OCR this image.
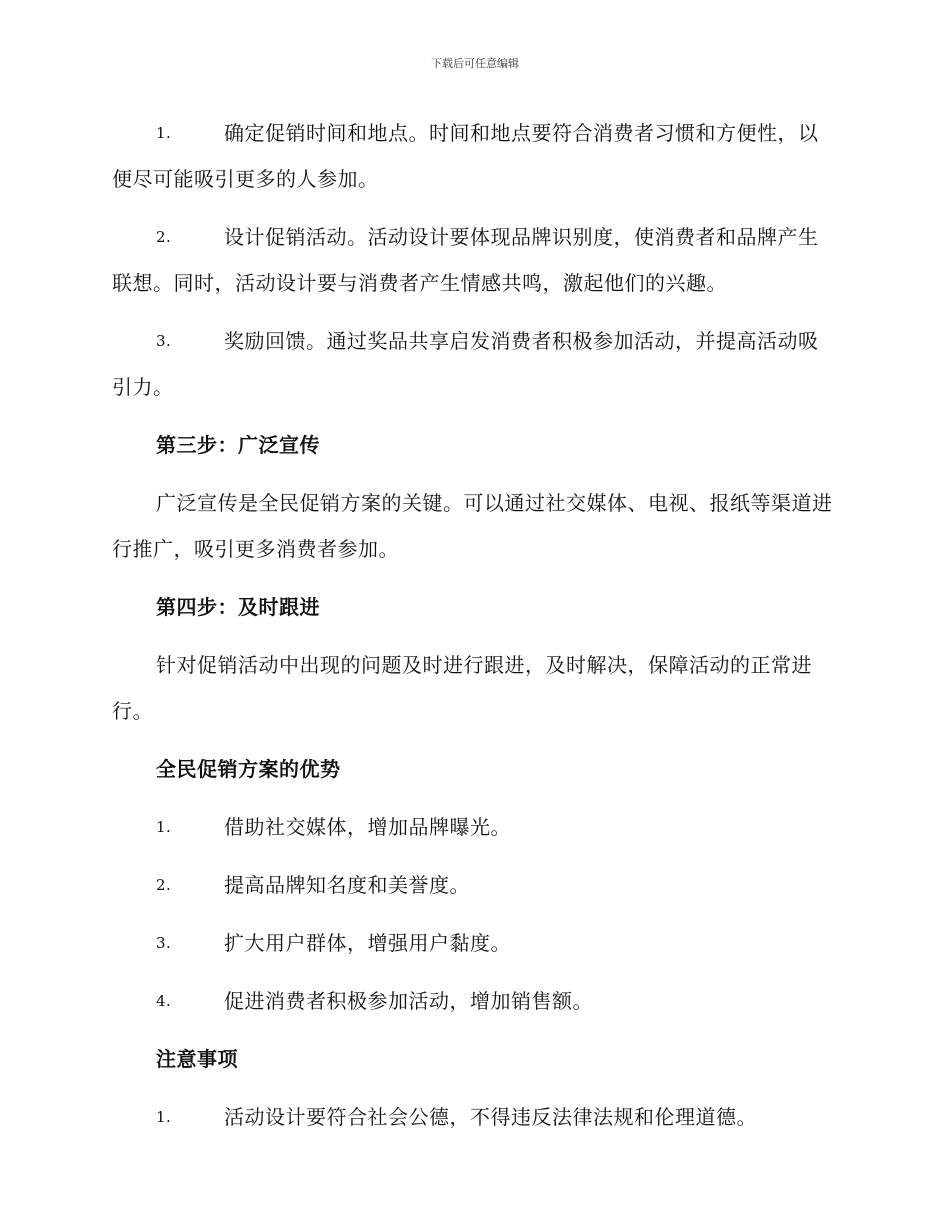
下载后可任意编辑
1.	确定促销时间和地点。时间和地点要符合消费者习惯和方便性，以便尽可能吸引更多的人参加。
2.	设计促销活动。活动设计要体现品牌识别度，使消费者和品牌产生联想。同时，活动设计要与消费者产生情感共鸣，激起他们的兴趣。
3.	奖励回馈。通过奖品共享启发消费者积极参加活动，并提高活动吸引力。
第三步：广泛宣传
广泛宣传是全民促销方案的关键。可以通过社交媒体、电视、报纸等渠道进行推广，吸引更多消费者参加。
第四步：及时跟进
针对促销活动中出现的问题及时进行跟进，及时解决，保障活动的正常进行。
全民促销方案的优势
1.	借助社交媒体，增加品牌曝光。
2.	提高品牌知名度和美誉度。
3.	扩大用户群体，增强用户黏度。
4.	促进消费者积极参加活动，增加销售额。
注意事项
1.	活动设计要符合社会公德，不得违反法律法规和伦理道德。
